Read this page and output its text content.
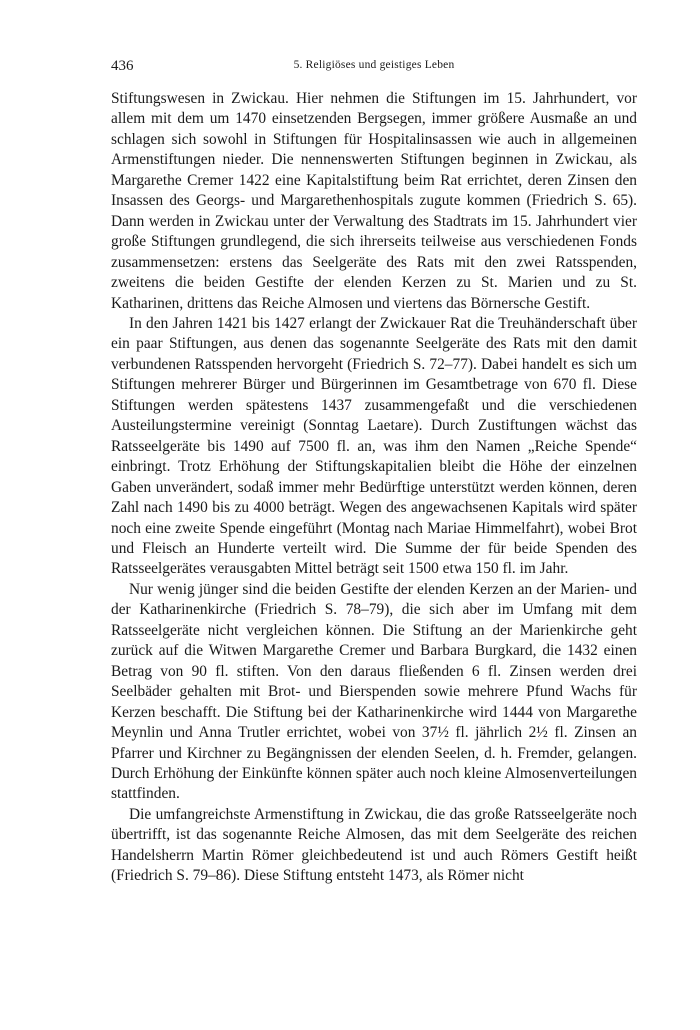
436	5. Religiöses und geistiges Leben

Stiftungswesen in Zwickau. Hier nehmen die Stiftungen im 15. Jahrhundert, vor allem mit dem um 1470 einsetzenden Bergsegen, immer größere Ausmaße an und schlagen sich sowohl in Stiftungen für Hospitalinsassen wie auch in allgemeinen Armenstiftungen nieder. Die nennenswerten Stiftungen beginnen in Zwickau, als Margarethe Cremer 1422 eine Kapitalstiftung beim Rat errichtet, deren Zinsen den Insassen des Georgs- und Margarethenhospitals zugute kommen (Friedrich S. 65). Dann werden in Zwickau unter der Verwaltung des Stadtrats im 15. Jahrhundert vier große Stiftungen grundlegend, die sich ihrerseits teilweise aus verschiedenen Fonds zusammensetzen: erstens das Seelgeräte des Rats mit den zwei Ratsspenden, zweitens die beiden Gestifte der elenden Kerzen zu St. Marien und zu St. Katharinen, drittens das Reiche Almosen und viertens das Börnersche Gestift.

In den Jahren 1421 bis 1427 erlangt der Zwickauer Rat die Treuhänderschaft über ein paar Stiftungen, aus denen das sogenannte Seelgeräte des Rats mit den damit verbundenen Ratsspenden hervorgeht (Friedrich S. 72–77). Dabei handelt es sich um Stiftungen mehrerer Bürger und Bürgerinnen im Gesamtbetrage von 670 fl. Diese Stiftungen werden spätestens 1437 zusammengefaßt und die verschiedenen Austeilungstermine vereinigt (Sonntag Laetare). Durch Zustiftungen wächst das Ratsseelgeräte bis 1490 auf 7500 fl. an, was ihm den Namen „Reiche Spende“ einbringt. Trotz Erhöhung der Stiftungskapitalien bleibt die Höhe der einzelnen Gaben unverändert, sodaß immer mehr Bedürftige unterstützt werden können, deren Zahl nach 1490 bis zu 4000 beträgt. Wegen des angewachsenen Kapitals wird später noch eine zweite Spende eingeführt (Montag nach Mariae Himmelfahrt), wobei Brot und Fleisch an Hunderte verteilt wird. Die Summe der für beide Spenden des Ratsseelgerätes verausgabten Mittel beträgt seit 1500 etwa 150 fl. im Jahr.

Nur wenig jünger sind die beiden Gestifte der elenden Kerzen an der Marien- und der Katharinenkirche (Friedrich S. 78–79), die sich aber im Umfang mit dem Ratsseelgeräte nicht vergleichen können. Die Stiftung an der Marienkirche geht zurück auf die Witwen Margarethe Cremer und Barbara Burgkard, die 1432 einen Betrag von 90 fl. stiften. Von den daraus fließenden 6 fl. Zinsen werden drei Seelbäder gehalten mit Brot- und Bierspenden sowie mehrere Pfund Wachs für Kerzen beschafft. Die Stiftung bei der Katharinenkirche wird 1444 von Margarethe Meynlin und Anna Trutler errichtet, wobei von 37½ fl. jährlich 2½ fl. Zinsen an Pfarrer und Kirchner zu Begängnissen der elenden Seelen, d. h. Fremder, gelangen. Durch Erhöhung der Einkünfte können später auch noch kleine Almosenverteilungen stattfinden.

Die umfangreichste Armenstiftung in Zwickau, die das große Ratsseelgeräte noch übertrifft, ist das sogenannte Reiche Almosen, das mit dem Seelgeräte des reichen Handelsherrn Martin Römer gleichbedeutend ist und auch Römers Gestift heißt (Friedrich S. 79–86). Diese Stiftung entsteht 1473, als Römer nicht
